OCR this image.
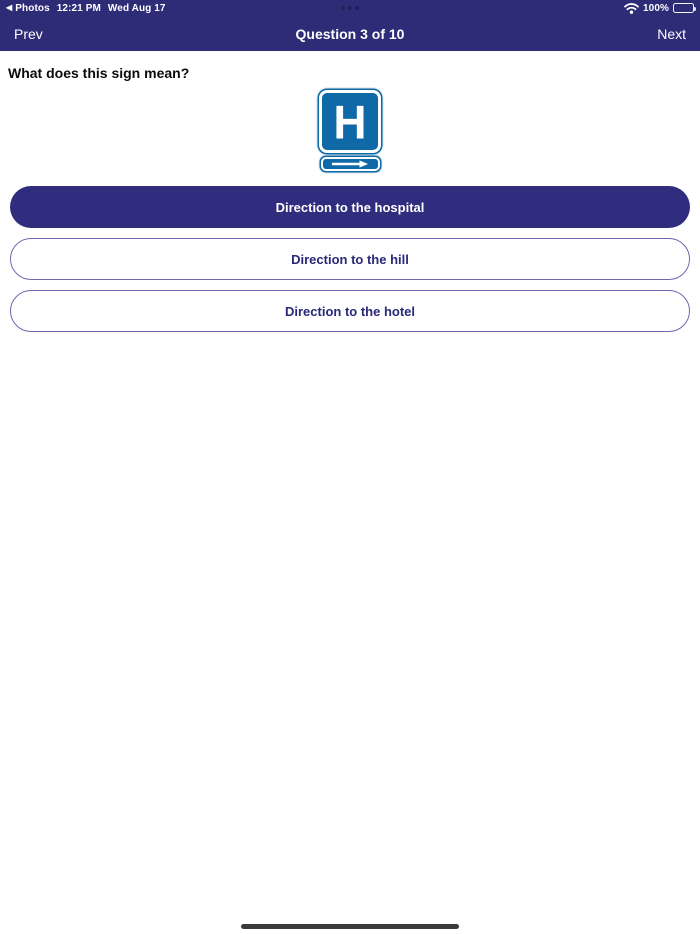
◀ Photos 12:21 PM Wed Aug 17	100%
Question 3 of 10
Prev	Next
What does this sign mean?
H
Direction to the hospital
Direction to the hill
Direction to the hotel
